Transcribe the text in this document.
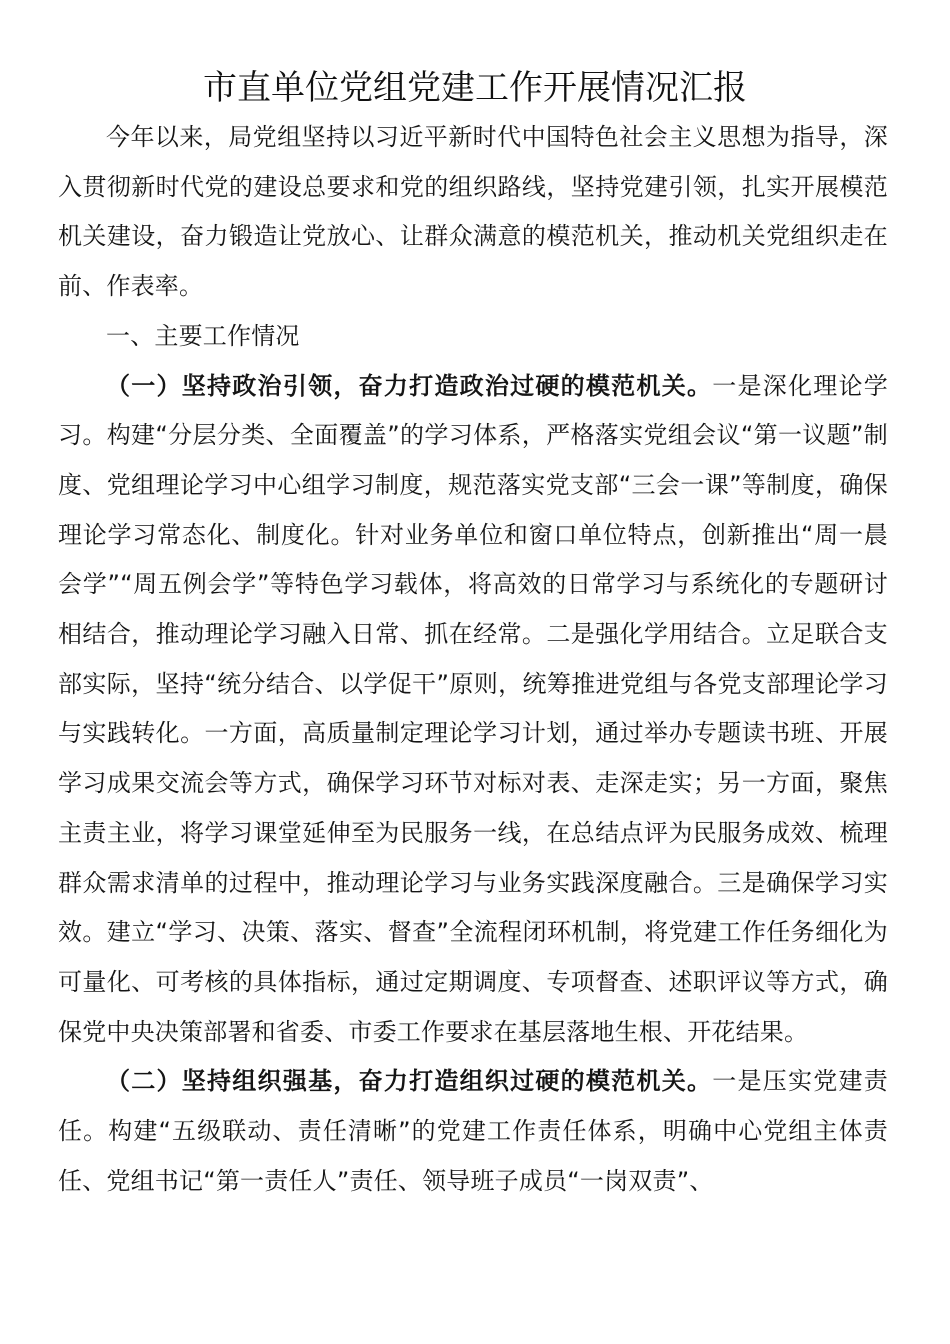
市直单位党组党建工作开展情况汇报

今年以来，局党组坚持以习近平新时代中国特色社会主义思想为指导，深入贯彻新时代党的建设总要求和党的组织路线，坚持党建引领，扎实开展模范机关建设，奋力锻造让党放心、让群众满意的模范机关，推动机关党组织走在前、作表率。

一、主要工作情况

（一）坚持政治引领，奋力打造政治过硬的模范机关。一是深化理论学习。构建“分层分类、全面覆盖”的学习体系，严格落实党组会议“第一议题”制度、党组理论学习中心组学习制度，规范落实党支部“三会一课”等制度，确保理论学习常态化、制度化。针对业务单位和窗口单位特点，创新推出“周一晨会学”“周五例会学”等特色学习载体，将高效的日常学习与系统化的专题研讨相结合，推动理论学习融入日常、抓在经常。二是强化学用结合。立足联合支部实际，坚持“统分结合、以学促干”原则，统筹推进党组与各党支部理论学习与实践转化。一方面，高质量制定理论学习计划，通过举办专题读书班、开展学习成果交流会等方式，确保学习环节对标对表、走深走实；另一方面，聚焦主责主业，将学习课堂延伸至为民服务一线，在总结点评为民服务成效、梳理群众需求清单的过程中，推动理论学习与业务实践深度融合。三是确保学习实效。建立“学习、决策、落实、督查”全流程闭环机制，将党建工作任务细化为可量化、可考核的具体指标，通过定期调度、专项督查、述职评议等方式，确保党中央决策部署和省委、市委工作要求在基层落地生根、开花结果。

（二）坚持组织强基，奋力打造组织过硬的模范机关。一是压实党建责任。构建“五级联动、责任清晰”的党建工作责任体系，明确中心党组主体责任、党组书记“第一责任人”责任、领导班子成员“一岗双责”、
